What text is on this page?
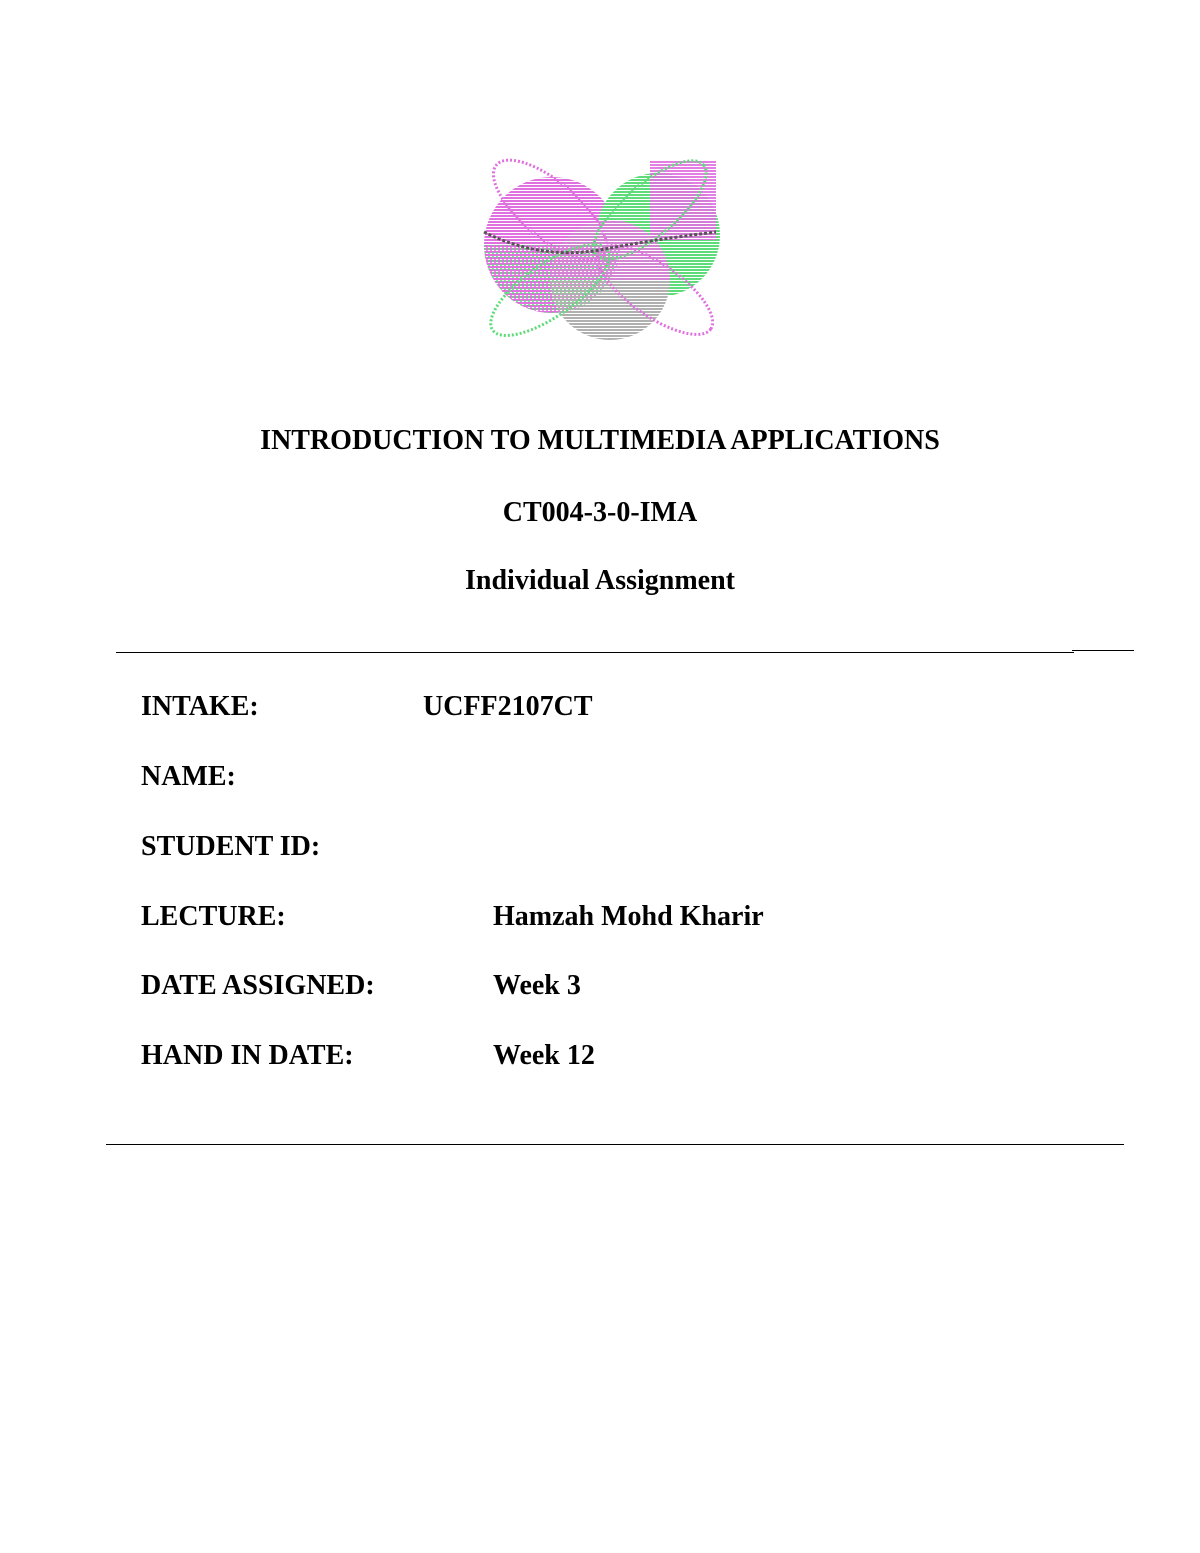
INTRODUCTION TO MULTIMEDIA APPLICATIONS
CT004-3-0-IMA
Individual Assignment
INTAKE:	UCFF2107CT
NAME:
STUDENT ID:
LECTURE:	Hamzah Mohd Kharir
DATE ASSIGNED:	Week 3
HAND IN DATE:	Week 12
